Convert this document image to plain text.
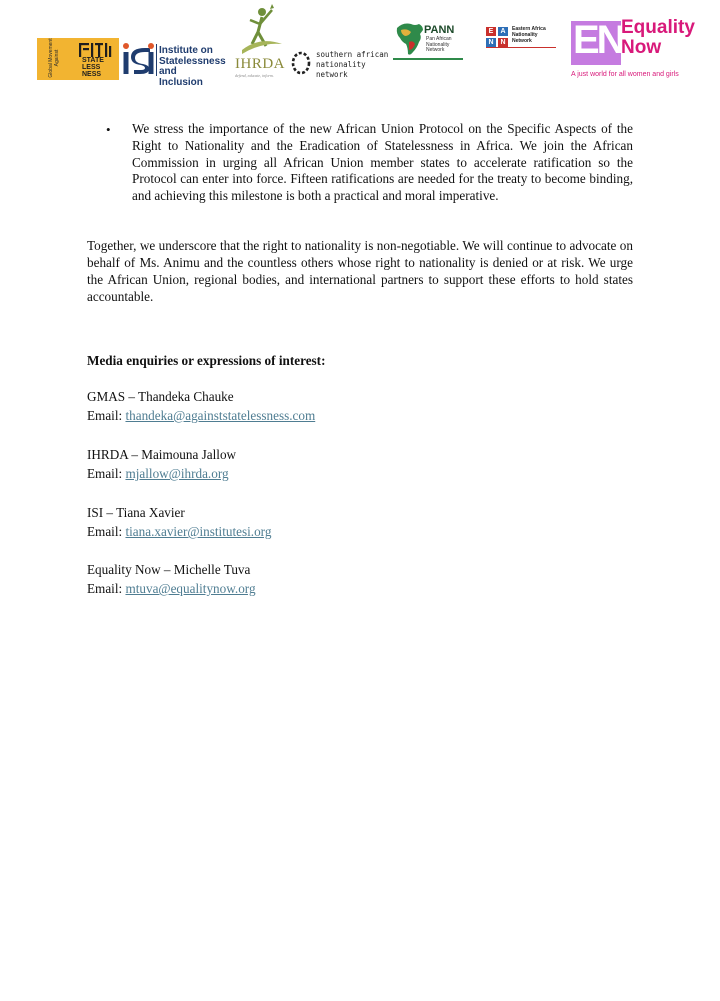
Global Movement Against	STATE
LESS
NESS
Institute on
Statelessness and
Inclusion
IHRDA
defend, educate, inform.
southern african
nationality
network
PANN
Pan African
Nationality
Network
E	A
N N
Eastern Africa
Nationality
Network	EN
Equality
Now
A just world for all women and girls
• We stress the importance of the new African Union Protocol on the Specific Aspects of the Right to Nationality and the Eradication of Statelessness in Africa. We join the African Commission in urging all African Union member states to accelerate ratification so the Protocol can enter into force. Fifteen ratifications are needed for the treaty to become binding, and achieving this milestone is both a practical and moral imperative.

Together, we underscore that the right to nationality is non-negotiable. We will continue to advocate on behalf of Ms. Animu and the countless others whose right to nationality is denied or at risk. We urge the African Union, regional bodies, and international partners to support these efforts to hold states accountable.

Media enquiries or expressions of interest:

GMAS – Thandeka Chauke
Email: thandeka@againststatelessness.com
IHRDA – Maimouna Jallow
Email: mjallow@ihrda.org
ISI – Tiana Xavier
Email: tiana.xavier@institutesi.org
Equality Now – Michelle Tuva
Email: mtuva@equalitynow.org
